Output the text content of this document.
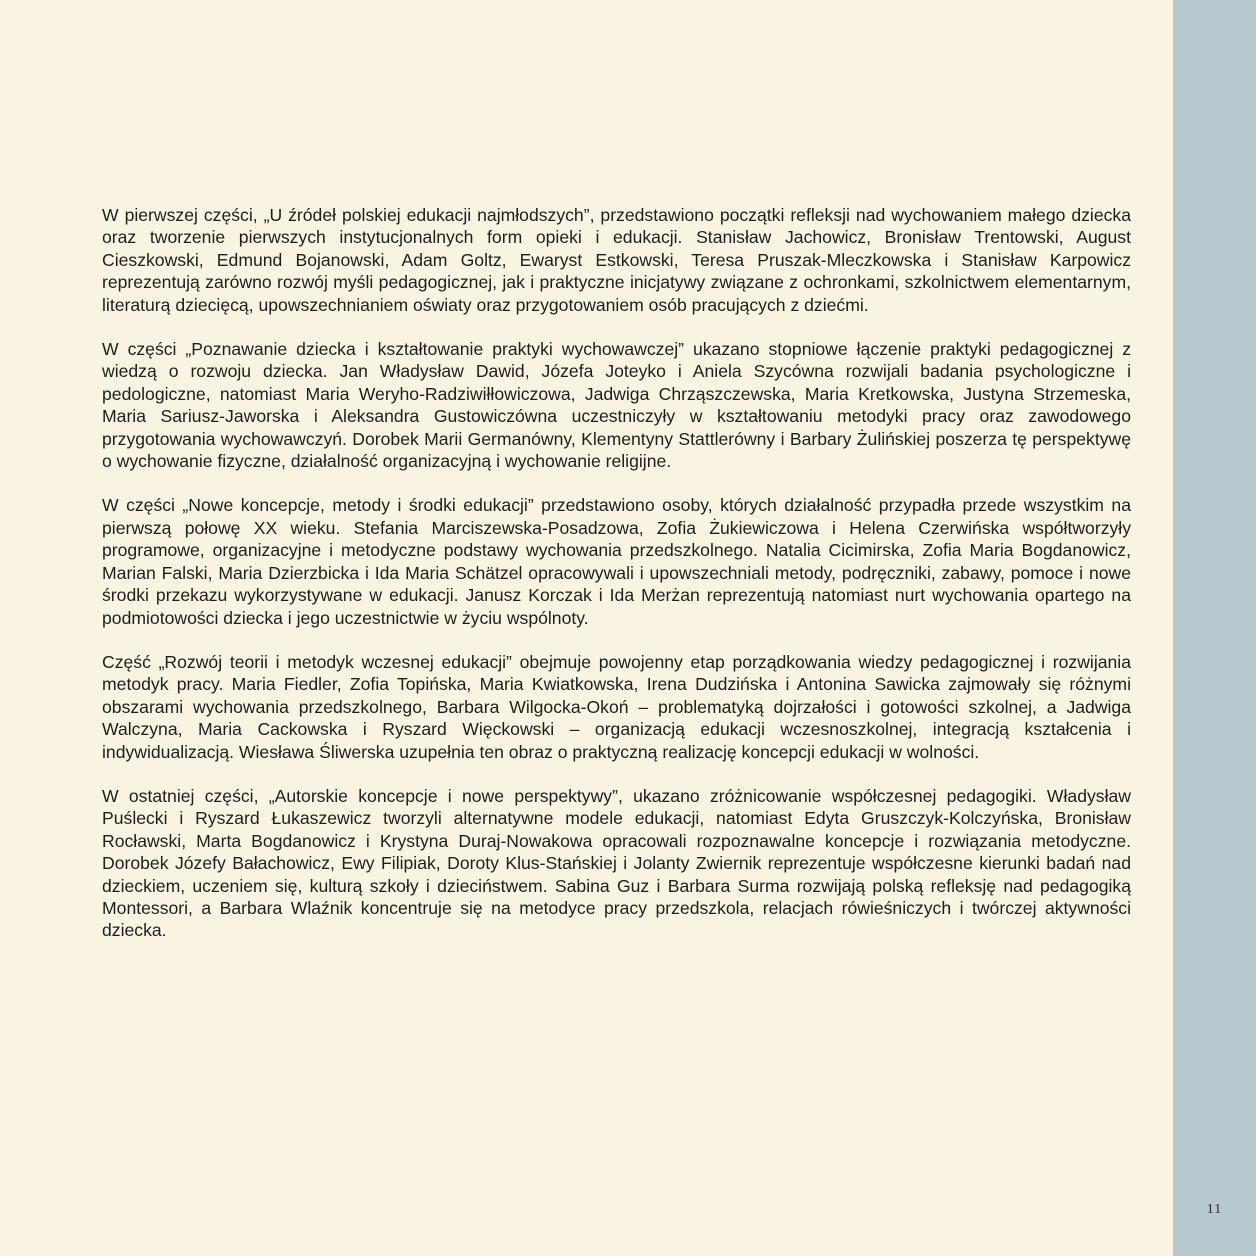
W pierwszej części, „U źródeł polskiej edukacji najmłodszych”, przedstawiono początki refleksji nad wychowaniem małego dziecka oraz tworzenie pierwszych instytucjonalnych form opieki i edukacji. Stanisław Jachowicz, Bronisław Trentowski, August Cieszkowski, Edmund Bojanowski, Adam Goltz, Ewaryst Estkowski, Teresa Pruszak-Mleczkowska i Stanisław Karpowicz reprezentują zarówno rozwój myśli pedagogicznej, jak i praktyczne inicjatywy związane z ochronkami, szkolnictwem elementarnym, literaturą dziecięcą, upowszechnianiem oświaty oraz przygotowaniem osób pracujących z dziećmi.

W części „Poznawanie dziecka i kształtowanie praktyki wychowawczej” ukazano stopniowe łączenie praktyki pedagogicznej z wiedzą o rozwoju dziecka. Jan Władysław Dawid, Józefa Joteyko i Aniela Szycówna rozwijali badania psychologiczne i pedologiczne, natomiast Maria Weryho-Radziwiłłowiczowa, Jadwiga Chrząszczewska, Maria Kretkowska, Justyna Strzemeska, Maria Sariusz-Jaworska i Aleksandra Gustowiczówna uczestniczyły w kształtowaniu metodyki pracy oraz zawodowego przygotowania wychowawczyń. Dorobek Marii Germanówny, Klementyny Stattlerówny i Barbary Żulińskiej poszerza tę perspektywę o wychowanie fizyczne, działalność organizacyjną i wychowanie religijne.

W części „Nowe koncepcje, metody i środki edukacji” przedstawiono osoby, których działalność przypadła przede wszystkim na pierwszą połowę XX wieku. Stefania Marciszewska-Posadzowa, Zofia Żukiewiczowa i Helena Czerwińska współtworzyły programowe, organizacyjne i metodyczne podstawy wychowania przedszkolnego. Natalia Cicimirska, Zofia Maria Bogdanowicz, Marian Falski, Maria Dzierzbicka i Ida Maria Schätzel opracowywali i upowszechniali metody, podręczniki, zabawy, pomoce i nowe środki przekazu wykorzystywane w edukacji. Janusz Korczak i Ida Merżan reprezentują natomiast nurt wychowania opartego na podmiotowości dziecka i jego uczestnictwie w życiu wspólnoty.

Część „Rozwój teorii i metodyk wczesnej edukacji” obejmuje powojenny etap porządkowania wiedzy pedagogicznej i rozwijania metodyk pracy. Maria Fiedler, Zofia Topińska, Maria Kwiatkowska, Irena Dudzińska i Antonina Sawicka zajmowały się różnymi obszarami wychowania przedszkolnego, Barbara Wilgocka-Okoń – problematyką dojrzałości i gotowości szkolnej, a Jadwiga Walczyna, Maria Cackowska i Ryszard Więckowski – organizacją edukacji wczesnoszkolnej, integracją kształcenia i indywidualizacją. Wiesława Śliwerska uzupełnia ten obraz o praktyczną realizację koncepcji edukacji w wolności.

W ostatniej części, „Autorskie koncepcje i nowe perspektywy”, ukazano zróżnicowanie współczesnej pedagogiki. Władysław Puślecki i Ryszard Łukaszewicz tworzyli alternatywne modele edukacji, natomiast Edyta Gruszczyk-Kolczyńska, Bronisław Rocławski, Marta Bogdanowicz i Krystyna Duraj-Nowakowa opracowali rozpoznawalne koncepcje i rozwiązania metodyczne. Dorobek Józefy Bałachowicz, Ewy Filipiak, Doroty Klus-Stańskiej i Jolanty Zwiernik reprezentuje współczesne kierunki badań nad dzieckiem, uczeniem się, kulturą szkoły i dzieciństwem. Sabina Guz i Barbara Surma rozwijają polską refleksję nad pedagogiką Montessori, a Barbara Wlaźnik koncentruje się na metodyce pracy przedszkola, relacjach rówieśniczych i twórczej aktywności dziecka.

11
